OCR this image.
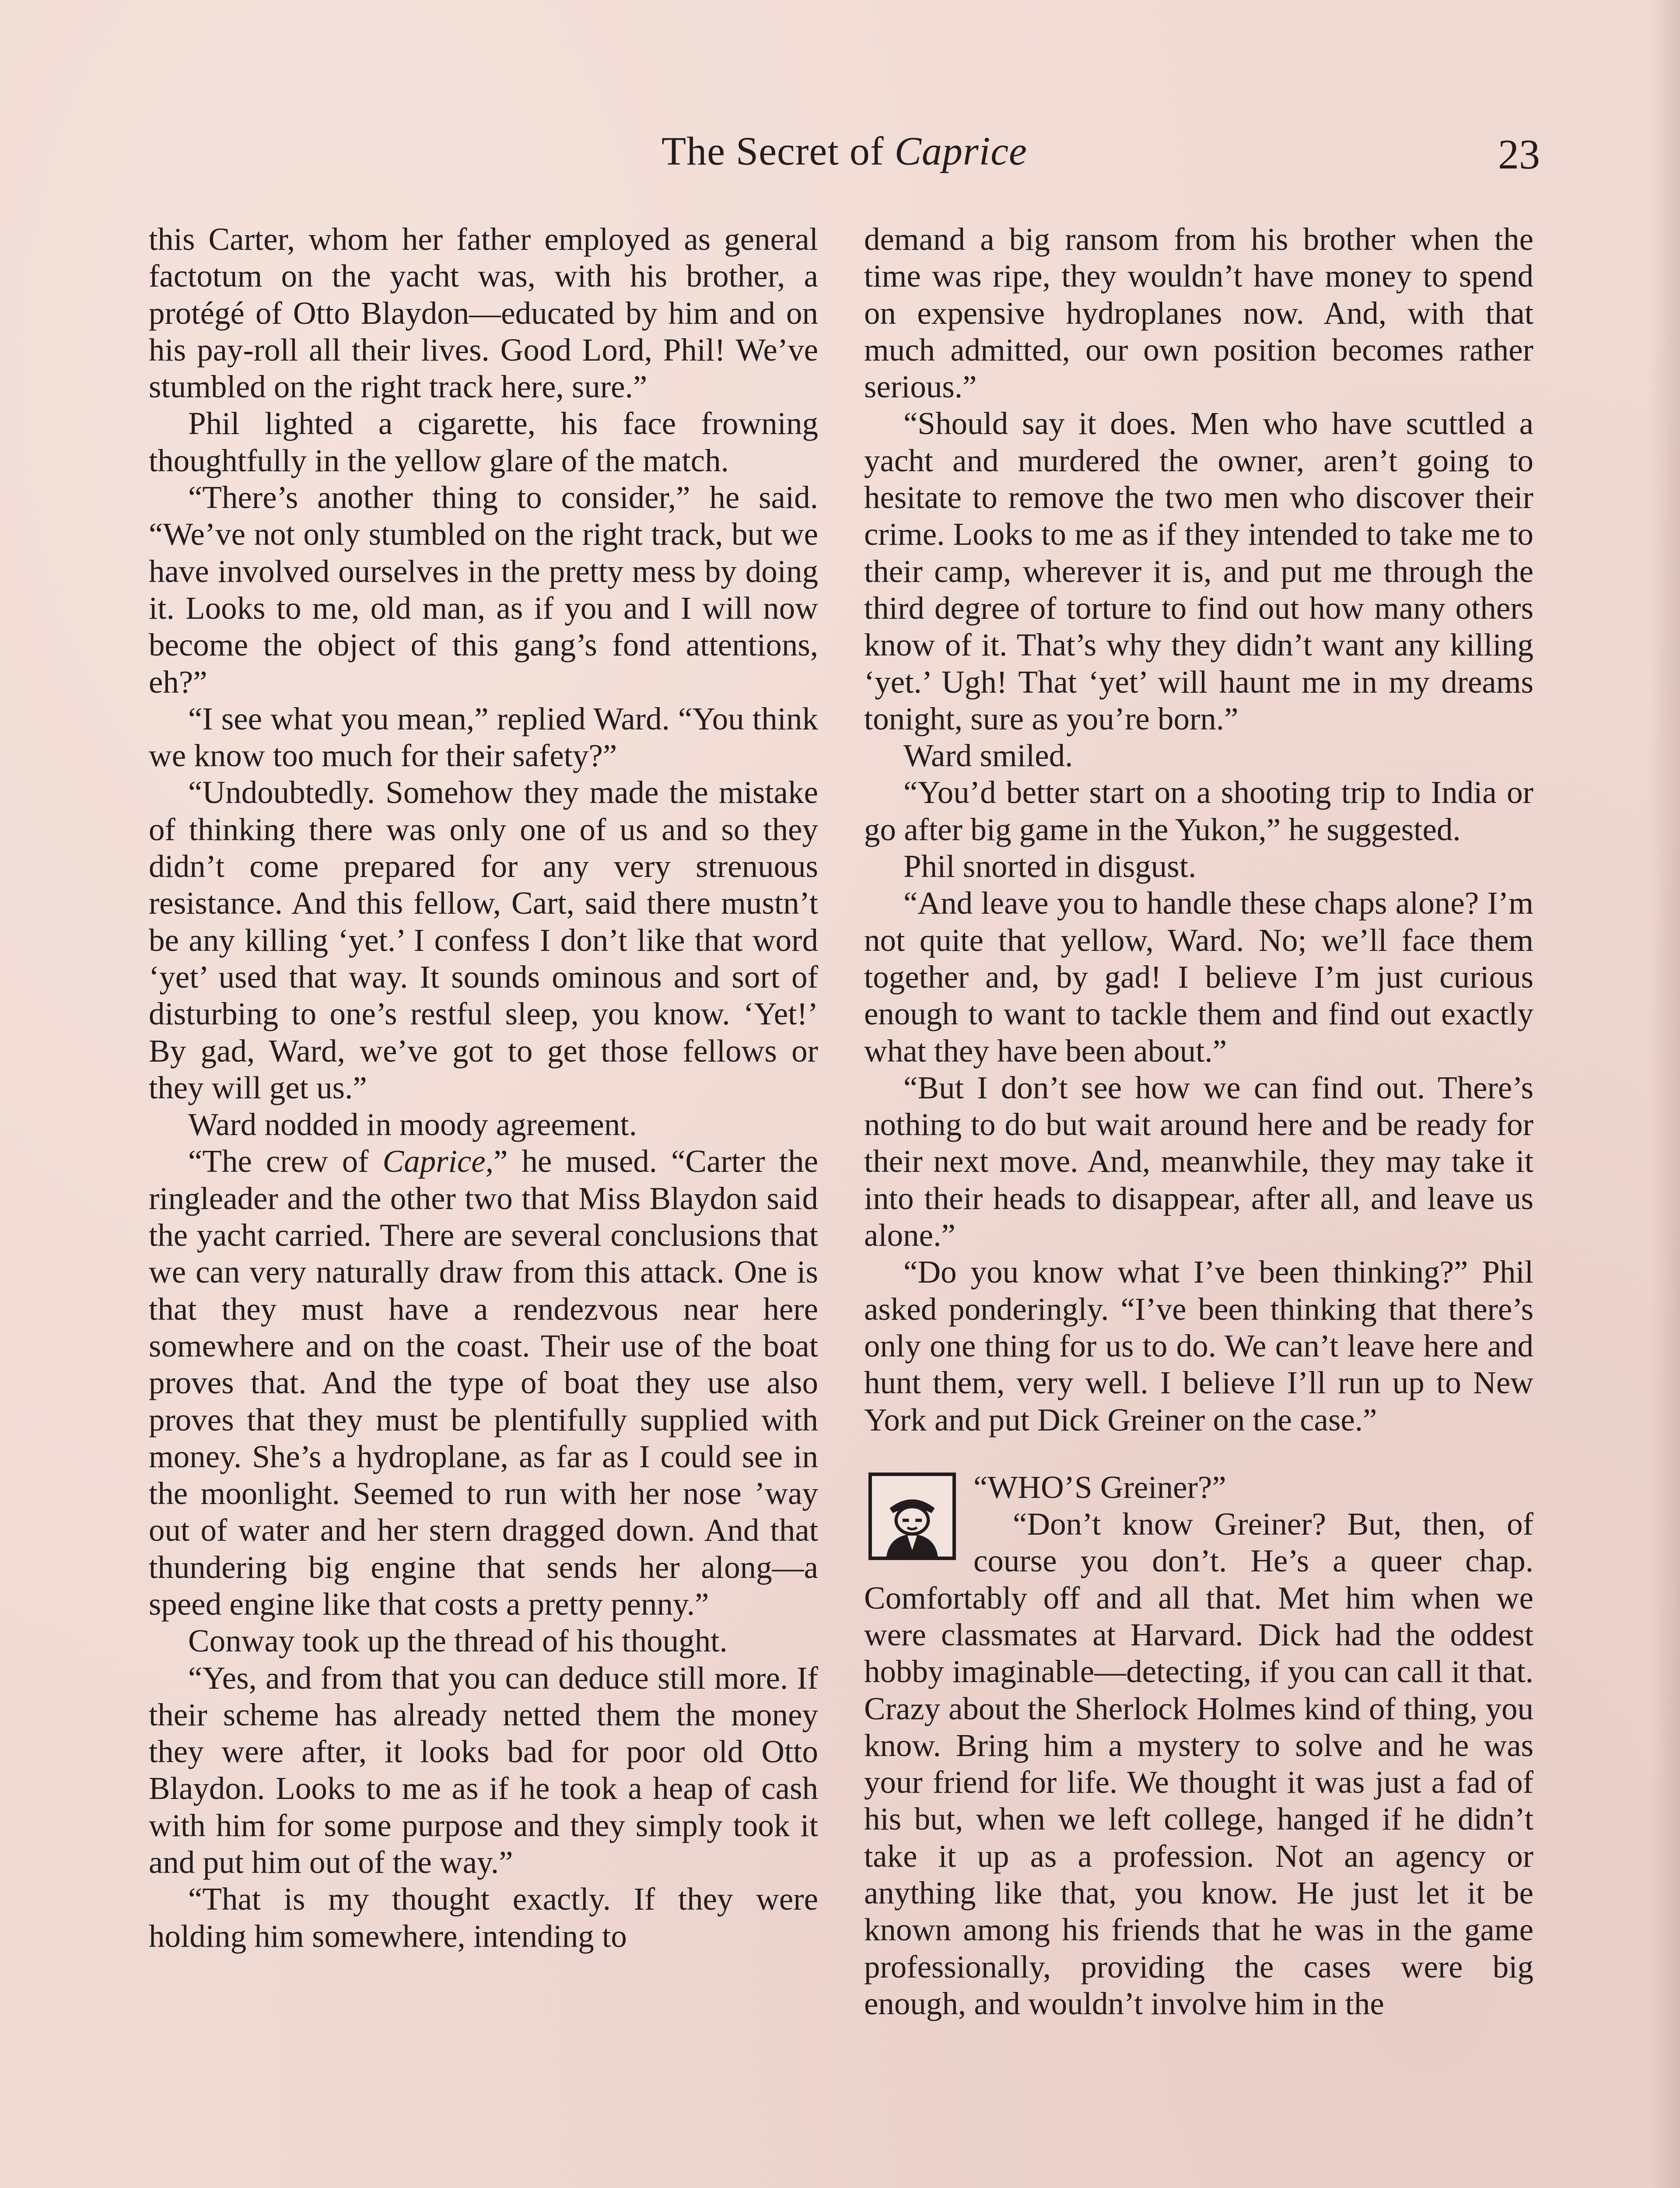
The Secret of Caprice	23

this Carter, whom her father employed as general factotum on the yacht was, with his brother, a protégé of Otto Blaydon—educated by him and on his pay-roll all their lives. Good Lord, Phil! We’ve stumbled on the right track here, sure.”

Phil lighted a cigarette, his face frowning thoughtfully in the yellow glare of the match.

“There’s another thing to consider,” he said. “We’ve not only stumbled on the right track, but we have involved ourselves in the pretty mess by doing it. Looks to me, old man, as if you and I will now become the object of this gang’s fond attentions, eh?”

“I see what you mean,” replied Ward. “You think we know too much for their safety?”

“Undoubtedly. Somehow they made the mistake of thinking there was only one of us and so they didn’t come prepared for any very strenuous resistance. And this fellow, Cart, said there mustn’t be any killing ‘yet.’ I confess I don’t like that word ‘yet’ used that way. It sounds ominous and sort of disturbing to one’s restful sleep, you know. ‘Yet!’ By gad, Ward, we’ve got to get those fellows or they will get us.”

Ward nodded in moody agreement.

“The crew of Caprice,” he mused. “Carter the ringleader and the other two that Miss Blaydon said the yacht carried. There are several conclusions that we can very naturally draw from this attack. One is that they must have a rendezvous near here somewhere and on the coast. Their use of the boat proves that. And the type of boat they use also proves that they must be plentifully supplied with money. She’s a hydroplane, as far as I could see in the moonlight. Seemed to run with her nose ’way out of water and her stern dragged down. And that thundering big engine that sends her along—a speed engine like that costs a pretty penny.”

Conway took up the thread of his thought.

“Yes, and from that you can deduce still more. If their scheme has already netted them the money they were after, it looks bad for poor old Otto Blaydon. Looks to me as if he took a heap of cash with him for some purpose and they simply took it and put him out of the way.”

“That is my thought exactly. If they were holding him somewhere, intending to

demand a big ransom from his brother when the time was ripe, they wouldn’t have money to spend on expensive hydroplanes now. And, with that much admitted, our own position becomes rather serious.”

“Should say it does. Men who have scuttled a yacht and murdered the owner, aren’t going to hesitate to remove the two men who discover their crime. Looks to me as if they intended to take me to their camp, wherever it is, and put me through the third degree of torture to find out how many others know of it. That’s why they didn’t want any killing ‘yet.’ Ugh! That ‘yet’ will haunt me in my dreams tonight, sure as you’re born.”

Ward smiled.

“You’d better start on a shooting trip to India or go after big game in the Yukon,” he suggested.

Phil snorted in disgust.

“And leave you to handle these chaps alone? I’m not quite that yellow, Ward. No; we’ll face them together and, by gad! I believe I’m just curious enough to want to tackle them and find out exactly what they have been about.”

“But I don’t see how we can find out. There’s nothing to do but wait around here and be ready for their next move. And, meanwhile, they may take it into their heads to disappear, after all, and leave us alone.”

“Do you know what I’ve been thinking?” Phil asked ponderingly. “I’ve been thinking that there’s only one thing for us to do. We can’t leave here and hunt them, very well. I believe I’ll run up to New York and put Dick Greiner on the case.”

“WHO’S Greiner?”

“Don’t know Greiner? But, then, of course you don’t. He’s a queer chap. Comfortably off and all that. Met him when we were classmates at Harvard. Dick had the oddest hobby imaginable—detecting, if you can call it that. Crazy about the Sherlock Holmes kind of thing, you know. Bring him a mystery to solve and he was your friend for life. We thought it was just a fad of his but, when we left college, hanged if he didn’t take it up as a profession. Not an agency or anything like that, you know. He just let it be known among his friends that he was in the game professionally, providing the cases were big enough, and wouldn’t involve him in the
